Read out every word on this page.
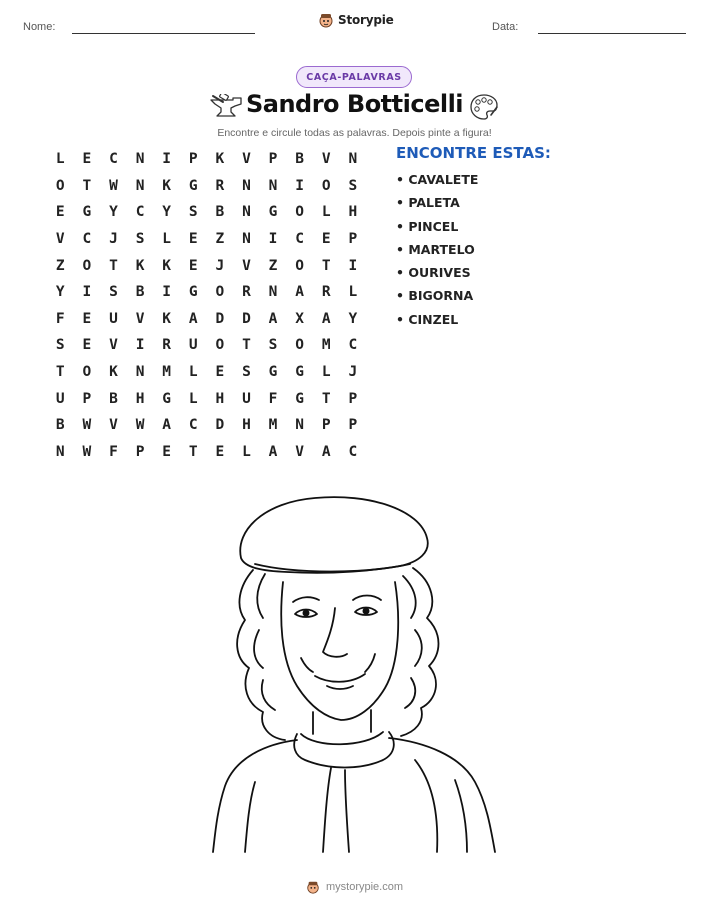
Nome:	Storypie	Data:
CAÇA-PALAVRAS
Sandro Botticelli
Encontre e circule todas as palavras. Depois pinte a figura!
L	E	C	N	I	P	K	V	P	B	V	N
O	T	W	N	K	G	R	N	N	I	O	S
E	G	Y	C	Y	S	B	N	G	O	L	H
V	C	J	S	L	E	Z	N	I	C	E	P
Z	O	T	K	K	E	J	V	Z	O	T	I
Y	I	S	B	I	G	O	R	N	A	R	L
F	E	U	V	K	A	D	D	A	X	A	Y
S	E	V	I	R	U	O	T	S	O	M	C
T	O	K	N	M	L	E	S	G	G	L	J
U	P	B	H	G	L	H	U	F	G	T	P
B	W	V	W	A	C	D	H	M	N	P	P
N	W	F	P	E	T	E	L	A	V	A	C
ENCONTRE ESTAS:
• CAVALETE
• PALETA
• PINCEL
• MARTELO
• OURIVES
• BIGORNA
• CINZEL
mystorypie.com
